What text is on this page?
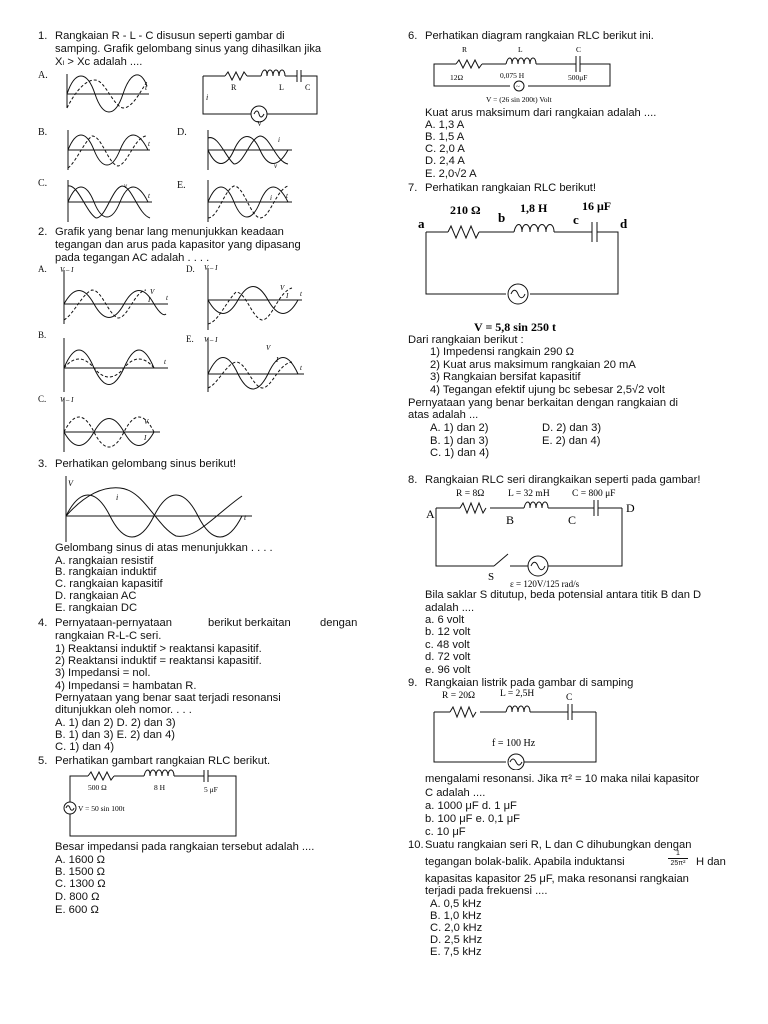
1. Rangkaian R - L - C disusun seperti gambar di
samping. Grafik gelombang sinus yang dihasilkan jika
Xₗ > Xᴄ adalah ....
A.
t	R	L	C
V
i
B.
t
D.
i
v
C.	v
t
E.
i t
2. Grafik yang benar lang menunjukkan keadaan
tegangan dan arus pada kapasitor yang dipasang
pada tegangan AC adalah . . . .
A. V – I
V
I t
D. V – I
V
I t
B.
t
E. V – I
V
I
t
C. V – I
V
I
3. Perhatikan gelombang sinus berikut!
V
i
t
Gelombang sinus di atas menunjukkan . . . .
A. rangkaian resistif
B. rangkaian induktif
C. rangkaian kapasitif
D. rangkaian AC
E. rangkaian DC
4. Pernyataan-pernyataan	berikut berkaitan	dengan
rangkaian R-L-C seri.
1) Reaktansi induktif > reaktansi kapasitif.
2) Reaktansi induktif = reaktansi kapasitif.
3) Impedansi = nol.
4) Impedansi = hambatan R.
Pernyataan yang benar saat terjadi resonansi
ditunjukkan oleh nomor. . . .
A. 1) dan 2) D. 2) dan 3)
B. 1) dan 3) E. 2) dan 4)
C. 1) dan 4)
5. Perhatikan gambart rangkaian RLC berikut.
500 Ω	8 H	5 μF
V = 50 sin 100t
Besar impedansi pada rangkaian tersebut adalah ....
A. 1600 Ω
B. 1500 Ω
C. 1300 Ω
D. 800 Ω
E. 600 Ω
6. Perhatikan diagram rangkaian RLC berikut ini.
~
R	L	C
12Ω	0,075 H	500μF
V = (26 sin 200t) Volt
Kuat arus maksimum dari rangkaian adalah ....
A. 1,3 A
B. 1,5 A
C. 2,0 A
D. 2,4 A
E. 2,0√2 A
7. Perhatikan rangkaian RLC berikut!
210 Ω	1,8 H	16 μF
a	b	c	d
V = 5,8 sin 250 t
Dari rangkaian berikut :
1) Impedensi rangkain 290 Ω
2) Kuat arus maksimum rangkaian 20 mA
3) Rangkaian bersifat kapasitif
4) Tegangan efektif ujung bc sebesar 2,5√2 volt
Pernyataan yang benar berkaitan dengan rangkaian di
atas adalah ...
A. 1) dan 2)
B. 1) dan 3)
C. 1) dan 4)
D. 2) dan 3)
E. 2) dan 4)
8. Rangkaian RLC seri dirangkaikan seperti pada gambar!
R = 8Ω L = 32 mH C = 800 μF
A	B	C
D
S
ε = 120V/125 rad/s
Bila saklar S ditutup, beda potensial antara titik B dan D
adalah ....
a. 6 volt
b. 12 volt
c. 48 volt
d. 72 volt
e. 96 volt
9. Rangkaian listrik pada gambar di samping
R = 20Ω	L = 2,5H	C
f = 100 Hz
mengalami resonansi. Jika π² = 10 maka nilai kapasitor
C adalah ....
a. 1000 μF d. 1 μF
b. 100 μF e. 0,1 μF
c. 10 μF
10. Suatu rangkaian seri R, L dan C dihubungkan dengan
tegangan bolak-balik. Apabila induktansi
1
25π² H dan
kapasitas kapasitor 25 μF, maka resonansi rangkaian
terjadi pada frekuensi ....
A. 0,5 kHz
B. 1,0 kHz
C. 2,0 kHz
D. 2,5 kHz
E. 7,5 kHz
